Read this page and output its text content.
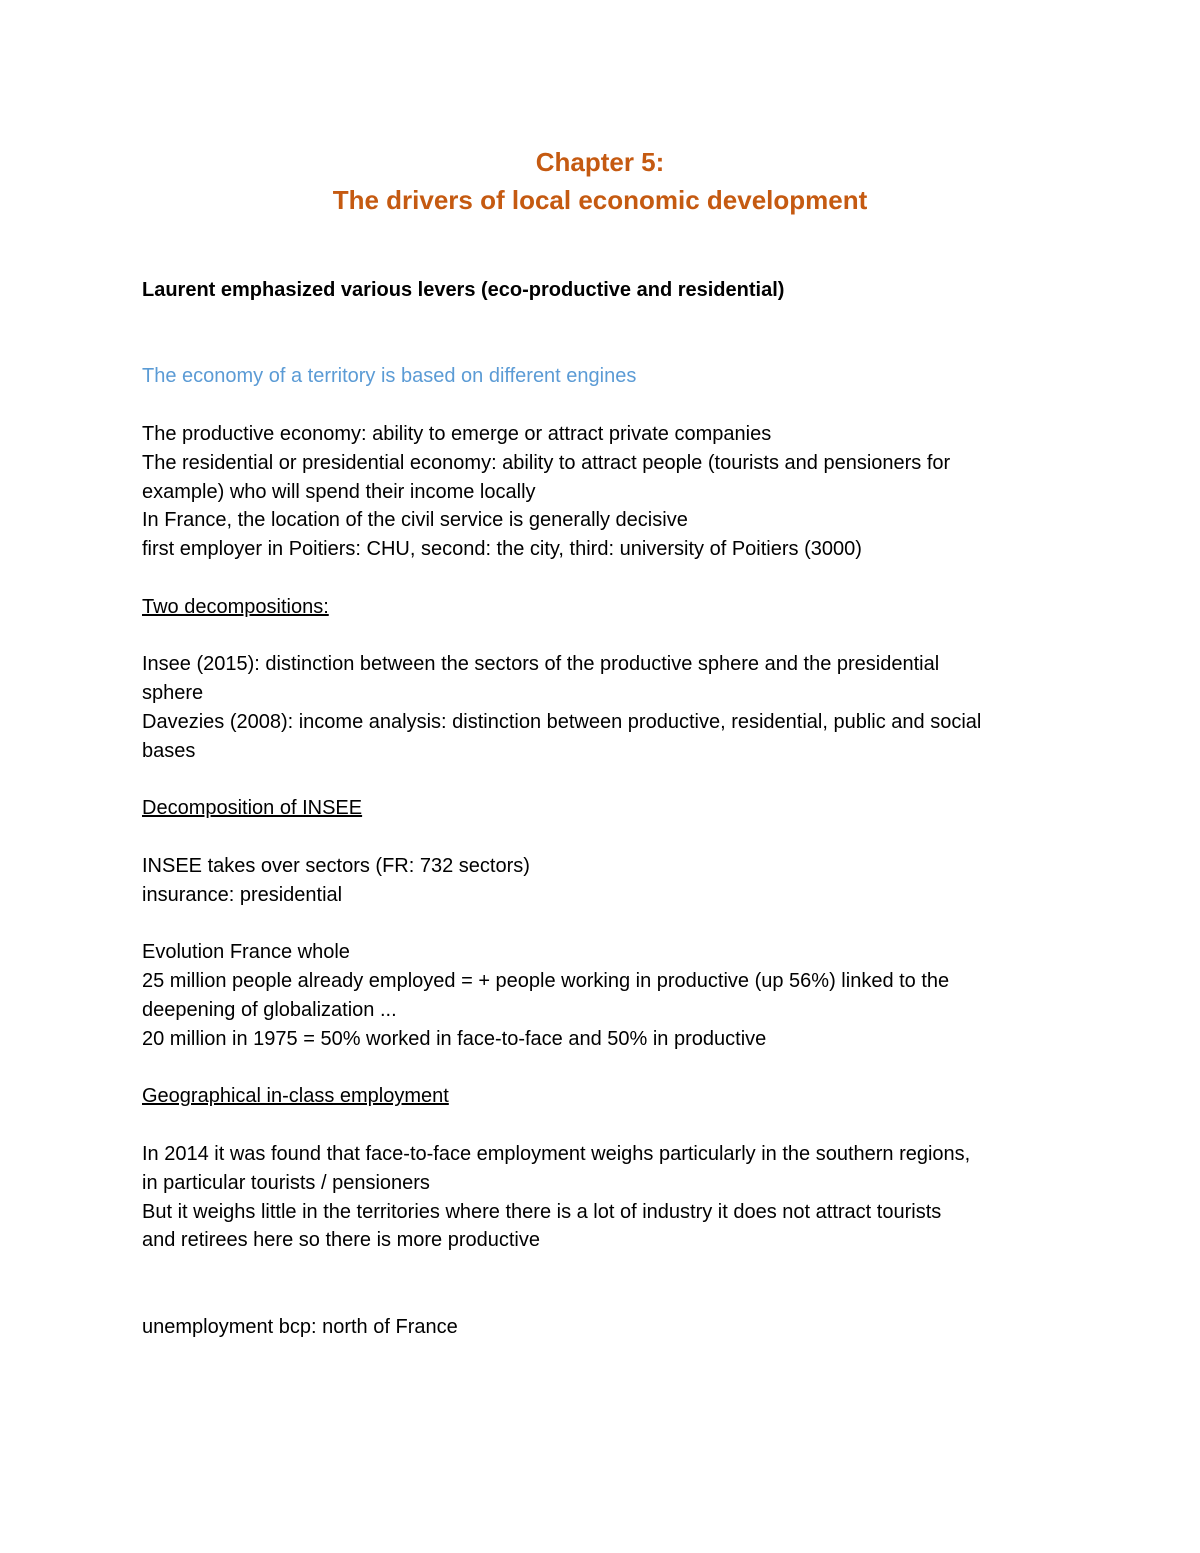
Chapter 5:
The drivers of local economic development
Laurent emphasized various levers (eco-productive and residential)
The economy of a territory is based on different engines
The productive economy: ability to emerge or attract private companies
The residential or presidential economy: ability to attract people (tourists and pensioners for
example) who will spend their income locally
In France, the location of the civil service is generally decisive
first employer in Poitiers: CHU, second: the city, third: university of Poitiers (3000)
Two decompositions:
Insee (2015): distinction between the sectors of the productive sphere and the presidential
sphere
Davezies (2008): income analysis: distinction between productive, residential, public and social
bases
Decomposition of INSEE
INSEE takes over sectors (FR: 732 sectors)
insurance: presidential
Evolution France whole
25 million people already employed = + people working in productive (up 56%) linked to the
deepening of globalization ...
20 million in 1975 = 50% worked in face-to-face and 50% in productive
Geographical in-class employment
In 2014 it was found that face-to-face employment weighs particularly in the southern regions,
in particular tourists / pensioners
But it weighs little in the territories where there is a lot of industry it does not attract tourists
and retirees here so there is more productive
unemployment bcp: north of France
